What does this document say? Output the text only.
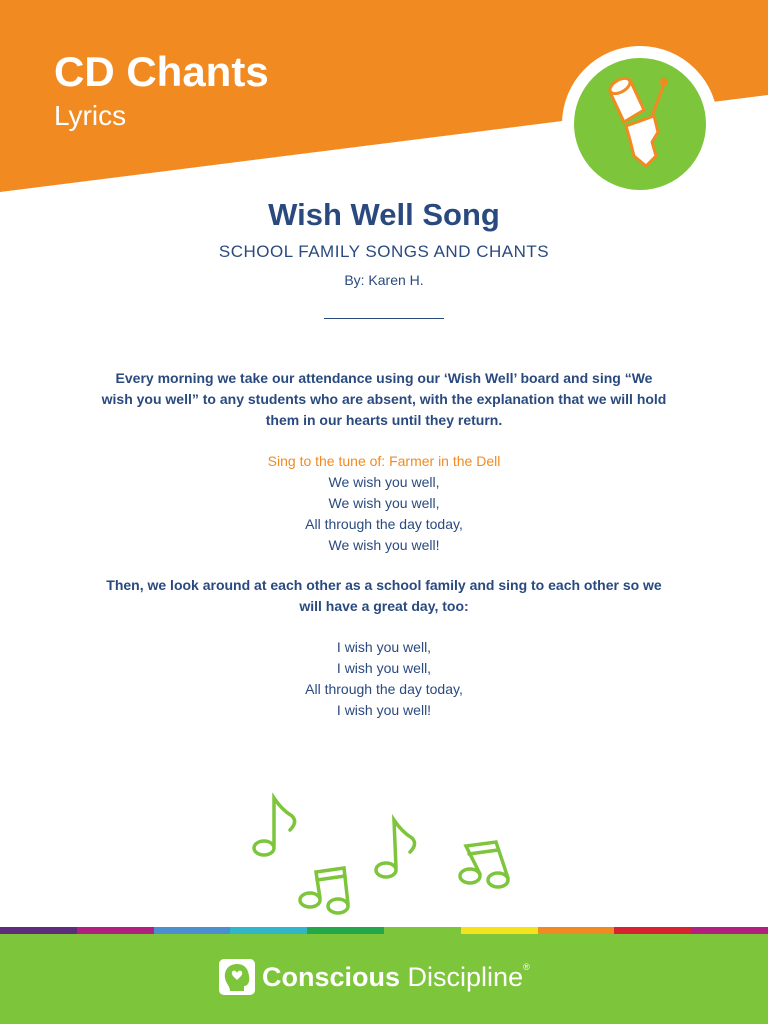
CD Chants
Lyrics
Wish Well Song
SCHOOL FAMILY SONGS AND CHANTS
By: Karen H.
Every morning we take our attendance using our ‘Wish Well’ board and sing “We wish you well” to any students who are absent, with the explanation that we will hold them in our hearts until they return.
Sing to the tune of: Farmer in the Dell
We wish you well,
We wish you well,
All through the day today,
We wish you well!
Then, we look around at each other as a school family and sing to each other so we will have a great day, too:
I wish you well,
I wish you well,
All through the day today,
I wish you well!
Conscious Discipline®
